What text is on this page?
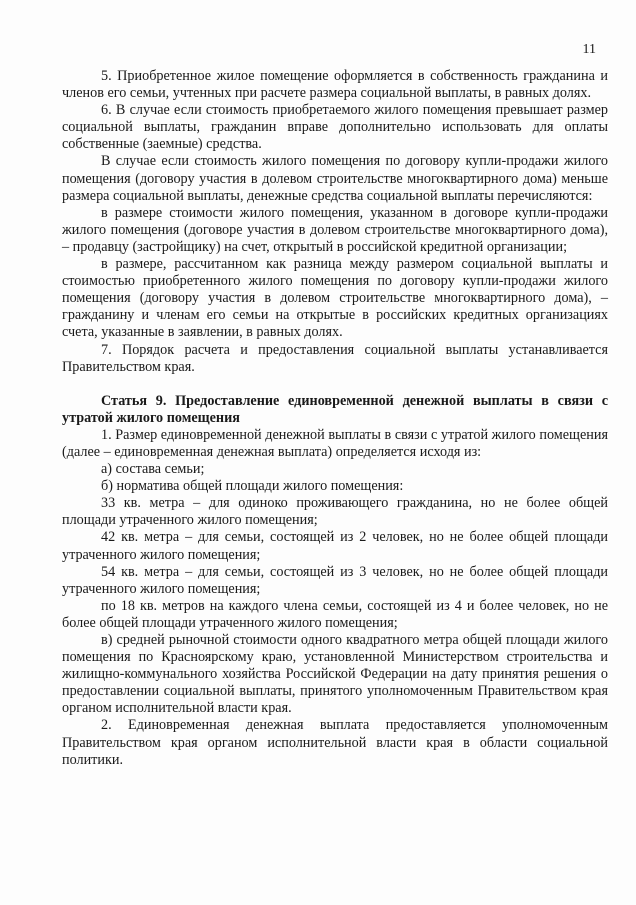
11

5. Приобретенное жилое помещение оформляется в собственность гражданина и членов его семьи, учтенных при расчете размера социальной выплаты, в равных долях.

6. В случае если стоимость приобретаемого жилого помещения превышает размер социальной выплаты, гражданин вправе дополнительно использовать для оплаты собственные (заемные) средства.

В случае если стоимость жилого помещения по договору купли-продажи жилого помещения (договору участия в долевом строительстве многоквартирного дома) меньше размера социальной выплаты, денежные средства социальной выплаты перечисляются:

в размере стоимости жилого помещения, указанном в договоре купли-продажи жилого помещения (договоре участия в долевом строительстве многоквартирного дома), – продавцу (застройщику) на счет, открытый в российской кредитной организации;

в размере, рассчитанном как разница между размером социальной выплаты и стоимостью приобретенного жилого помещения по договору купли-продажи жилого помещения (договору участия в долевом строительстве многоквартирного дома), – гражданину и членам его семьи на открытые в российских кредитных организациях счета, указанные в заявлении, в равных долях.

7. Порядок расчета и предоставления социальной выплаты устанавливается Правительством края.

Статья 9. Предоставление единовременной денежной выплаты в связи с утратой жилого помещения

1. Размер единовременной денежной выплаты в связи с утратой жилого помещения (далее – единовременная денежная выплата) определяется исходя из:

а) состава семьи;

б) норматива общей площади жилого помещения:

33 кв. метра – для одиноко проживающего гражданина, но не более общей площади утраченного жилого помещения;

42 кв. метра – для семьи, состоящей из 2 человек, но не более общей площади утраченного жилого помещения;

54 кв. метра – для семьи, состоящей из 3 человек, но не более общей площади утраченного жилого помещения;

по 18 кв. метров на каждого члена семьи, состоящей из 4 и более человек, но не более общей площади утраченного жилого помещения;

в) средней рыночной стоимости одного квадратного метра общей площади жилого помещения по Красноярскому краю, установленной Министерством строительства и жилищно-коммунального хозяйства Российской Федерации на дату принятия решения о предоставлении социальной выплаты, принятого уполномоченным Правительством края органом исполнительной власти края.

2. Единовременная денежная выплата предоставляется уполномоченным Правительством края органом исполнительной власти края в области социальной политики.
